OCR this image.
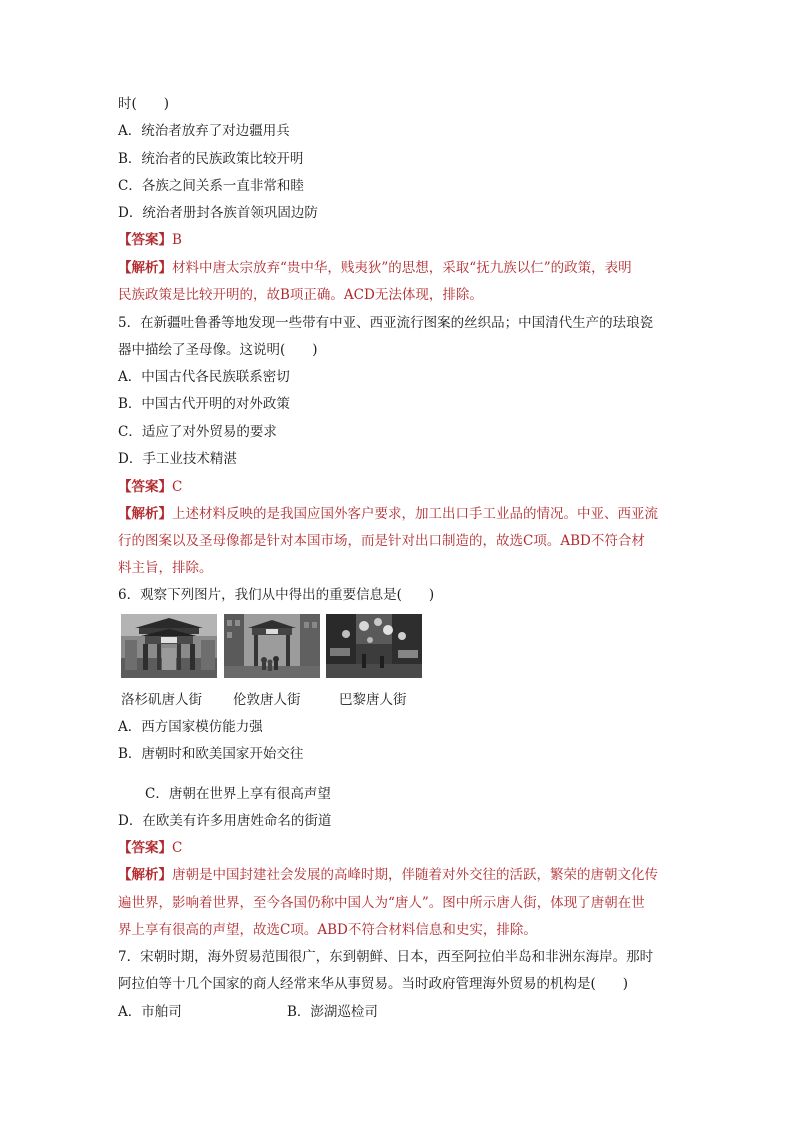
时(　　)
A．统治者放弃了对边疆用兵
B．统治者的民族政策比较开明
C．各族之间关系一直非常和睦
D．统治者册封各族首领巩固边防
【答案】B
【解析】材料中唐太宗放弃“贵中华，贱夷狄”的思想，采取“抚九族以仁”的政策，表明
民族政策是比较开明的，故B项正确。ACD无法体现，排除。
5．在新疆吐鲁番等地发现一些带有中亚、西亚流行图案的丝织品；中国清代生产的珐琅瓷
器中描绘了圣母像。这说明(　　)
A．中国古代各民族联系密切
B．中国古代开明的对外政策
C．适应了对外贸易的要求
D．手工业技术精湛
【答案】C
【解析】上述材料反映的是我国应国外客户要求，加工出口手工业品的情况。中亚、西亚流
行的图案以及圣母像都是针对本国市场，而是针对出口制造的，故选C项。ABD不符合材
料主旨，排除。
6．观察下列图片，我们从中得出的重要信息是(　　)
洛杉矶唐人街 伦敦唐人街	巴黎唐人街
A．西方国家模仿能力强
B．唐朝时和欧美国家开始交往
C．唐朝在世界上享有很高声望
D．在欧美有许多用唐姓命名的街道
【答案】C
【解析】唐朝是中国封建社会发展的高峰时期，伴随着对外交往的活跃，繁荣的唐朝文化传
遍世界，影响着世界，至今各国仍称中国人为“唐人”。图中所示唐人街，体现了唐朝在世
界上享有很高的声望，故选C项。ABD不符合材料信息和史实，排除。
7．宋朝时期，海外贸易范围很广，东到朝鲜、日本，西至阿拉伯半岛和非洲东海岸。那时
阿拉伯等十几个国家的商人经常来华从事贸易。当时政府管理海外贸易的机构是(　　)
A．市舶司	B．澎湖巡检司
